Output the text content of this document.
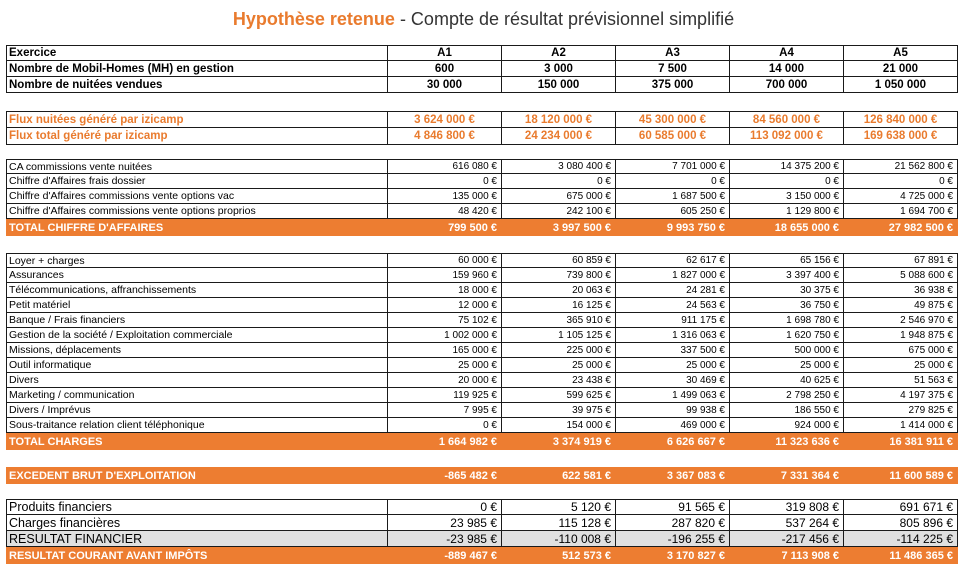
Hypothèse retenue - Compte de résultat prévisionnel simplifié
Exercice	A1	A2	A3	A4	A5
Nombre de Mobil-Homes (MH) en gestion	600	3 000	7 500	14 000	21 000
Nombre de nuitées vendues	30 000	150 000	375 000	700 000	1 050 000
Flux nuitées généré par izicamp	3 624 000 €	18 120 000 €	45 300 000 €	84 560 000 €	126 840 000 €
Flux total généré par izicamp	4 846 800 €	24 234 000 €	60 585 000 €	113 092 000 €	169 638 000 €
CA commissions vente nuitées	616 080 €	3 080 400 €	7 701 000 €	14 375 200 €	21 562 800 €
Chiffre d'Affaires frais dossier	0 €	0 €	0 €	0 €	0 €
Chiffre d'Affaires commissions vente options vac	135 000 €	675 000 €	1 687 500 €	3 150 000 €	4 725 000 €
Chiffre d'Affaires commissions vente options proprios	48 420 €	242 100 €	605 250 €	1 129 800 €	1 694 700 €
TOTAL CHIFFRE D'AFFAIRES	799 500 €	3 997 500 €	9 993 750 €	18 655 000 €	27 982 500 €
Loyer + charges	60 000 €	60 859 €	62 617 €	65 156 €	67 891 €
Assurances	159 960 €	739 800 €	1 827 000 €	3 397 400 €	5 088 600 €
Télécommunications, affranchissements	18 000 €	20 063 €	24 281 €	30 375 €	36 938 €
Petit matériel	12 000 €	16 125 €	24 563 €	36 750 €	49 875 €
Banque / Frais financiers	75 102 €	365 910 €	911 175 €	1 698 780 €	2 546 970 €
Gestion de la société / Exploitation commerciale	1 002 000 €	1 105 125 €	1 316 063 €	1 620 750 €	1 948 875 €
Missions, déplacements	165 000 €	225 000 €	337 500 €	500 000 €	675 000 €
Outil informatique	25 000 €	25 000 €	25 000 €	25 000 €	25 000 €
Divers	20 000 €	23 438 €	30 469 €	40 625 €	51 563 €
Marketing / communication	119 925 €	599 625 €	1 499 063 €	2 798 250 €	4 197 375 €
Divers / Imprévus	7 995 €	39 975 €	99 938 €	186 550 €	279 825 €
Sous-traitance relation client téléphonique	0 €	154 000 €	469 000 €	924 000 €	1 414 000 €
TOTAL CHARGES	1 664 982 €	3 374 919 €	6 626 667 €	11 323 636 €	16 381 911 €
EXCEDENT BRUT D'EXPLOITATION	-865 482 €	622 581 €	3 367 083 €	7 331 364 €	11 600 589 €
Produits financiers	0 €	5 120 €	91 565 €	319 808 €	691 671 €
Charges financières	23 985 €	115 128 €	287 820 €	537 264 €	805 896 €
RESULTAT FINANCIER	-23 985 €	-110 008 €	-196 255 €	-217 456 €	-114 225 €
RESULTAT COURANT AVANT IMPÔTS	-889 467 €	512 573 €	3 170 827 €	7 113 908 €	11 486 365 €
